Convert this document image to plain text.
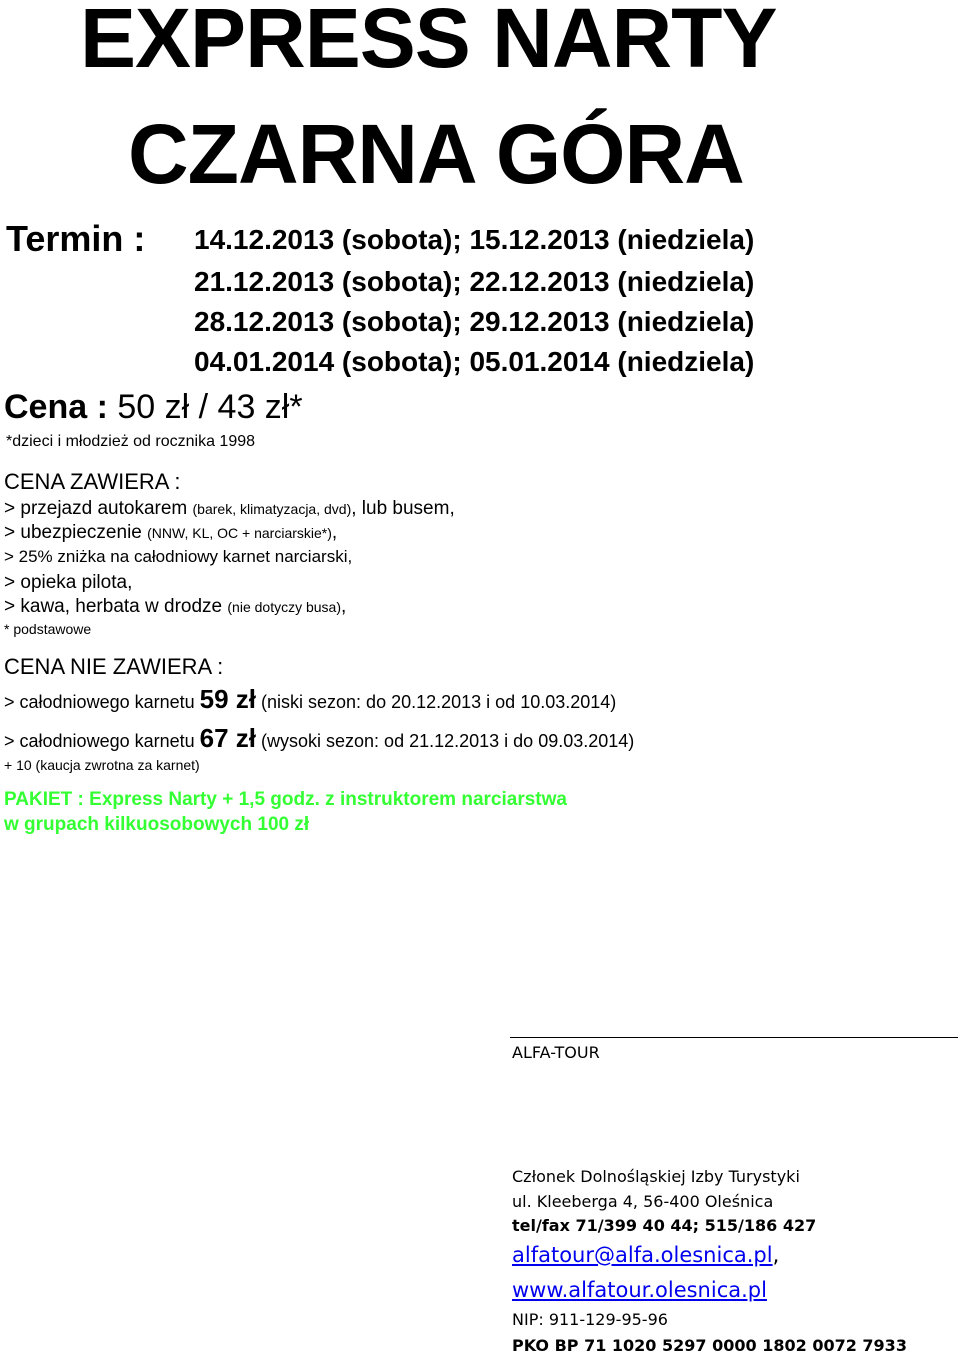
EXPRESS NARTY
CZARNA GÓRA
Termin : 14.12.2013 (sobota); 15.12.2013 (niedziela)
21.12.2013 (sobota); 22.12.2013 (niedziela)
28.12.2013 (sobota); 29.12.2013 (niedziela)
04.01.2014 (sobota); 05.01.2014 (niedziela)
Cena : 50 zł / 43 zł*
*dzieci i młodzież od rocznika 1998
CENA ZAWIERA :
> przejazd autokarem (barek, klimatyzacja, dvd), lub busem,
> ubezpieczenie (NNW, KL, OC + narciarskie*),
> 25% zniżka na całodniowy karnet narciarski,
> opieka pilota,
> kawa, herbata w drodze (nie dotyczy busa),
* podstawowe
CENA NIE ZAWIERA :
> całodniowego karnetu 59 zł (niski sezon: do 20.12.2013 i od 10.03.2014)
> całodniowego karnetu 67 zł (wysoki sezon: od 21.12.2013 i do 09.03.2014)
+ 10 (kaucja zwrotna za karnet)
PAKIET : Express Narty + 1,5 godz. z instruktorem narciarstwa
w grupach kilkuosobowych 100 zł
ALFA-TOUR
Członek Dolnośląskiej Izby Turystyki
ul. Kleeberga 4, 56-400 Oleśnica
tel/fax 71/399 40 44; 515/186 427
alfatour@alfa.olesnica.pl,
www.alfatour.olesnica.pl
NIP: 911-129-95-96
PKO BP 71 1020 5297 0000 1802 0072 7933
